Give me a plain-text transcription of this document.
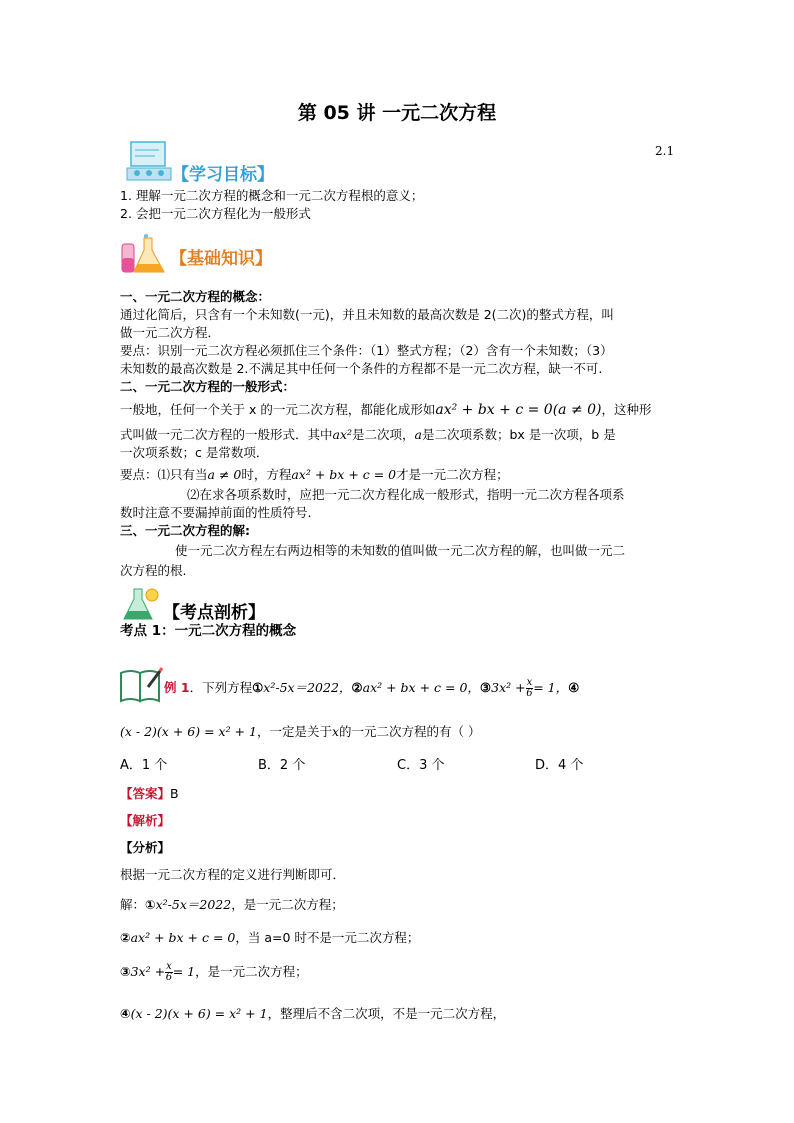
第 05 讲 一元二次方程
2.1
【学习目标】
1. 理解一元二次方程的概念和一元二次方程根的意义；
2. 会把一元二次方程化为一般形式
【基础知识】
一、一元二次方程的概念：
通过化简后，只含有一个未知数(一元)，并且未知数的最高次数是 2(二次)的整式方程，叫
做一元二次方程．
要点：识别一元二次方程必须抓住三个条件：（1）整式方程；（2）含有一个未知数；（3）
未知数的最高次数是 2.不满足其中任何一个条件的方程都不是一元二次方程，缺一不可.
二、一元二次方程的一般形式：
一般地，任何一个关于 x 的一元二次方程，都能化成形如ax² + bx + c = 0(a ≠ 0)，这种形
式叫做一元二次方程的一般形式．其中ax²是二次项，a是二次项系数；bx 是一次项，b 是
一次项系数；c 是常数项．
要点：⑴只有当a ≠ 0时，方程ax² + bx + c = 0才是一元二次方程；
⑵在求各项系数时，应把一元二次方程化成一般形式，指明一元二次方程各项系
数时注意不要漏掉前面的性质符号.
三、一元二次方程的解:
使一元二次方程左右两边相等的未知数的值叫做一元二次方程的解，也叫做一元二
次方程的根.
【考点剖析】
考点 1：一元二次方程的概念
例 1．下列方程①x²-5x＝2022，②ax² + bx + c = 0，③3x² + $\frac{x}{6} = 1$，④
(x - 2)(x + 6) = x² + 1，一定是关于x的一元二次方程的有（ ）
A．1 个	B．2 个	C．3 个	D．4 个
【答案】B
【解析】
【分析】
根据一元二次方程的定义进行判断即可．
解：①x²-5x＝2022，是一元二次方程；
②ax² + bx + c = 0，当 a=0 时不是一元二次方程；
③3x² + $\frac{x}{6} = 1$，是一元二次方程；
④(x - 2)(x + 6) = x² + 1，整理后不含二次项，不是一元二次方程，
